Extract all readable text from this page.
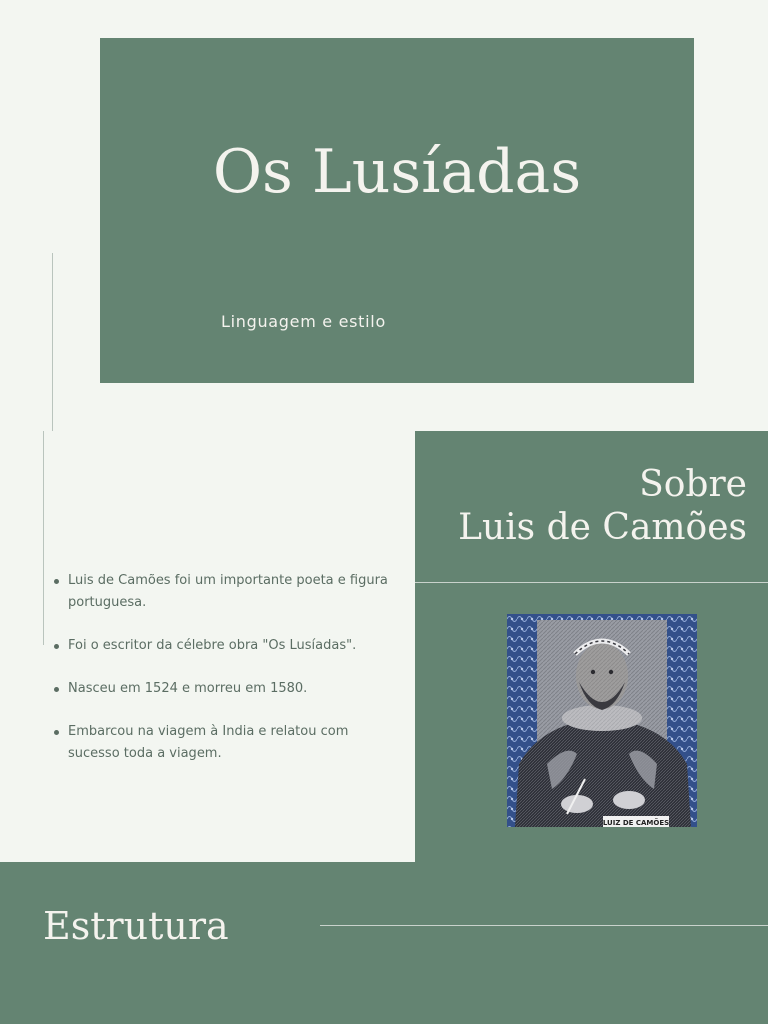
Os Lusíadas
Linguagem e estilo
Luis de Camões foi um importante poeta e figura portuguesa.
Foi o escritor da célebre obra "Os Lusíadas".
Nasceu em 1524 e morreu em 1580.
Embarcou na viagem à India e relatou com sucesso toda a viagem.
Sobre
Luis de Camões
LUIZ DE CAMÕES
Estrutura
